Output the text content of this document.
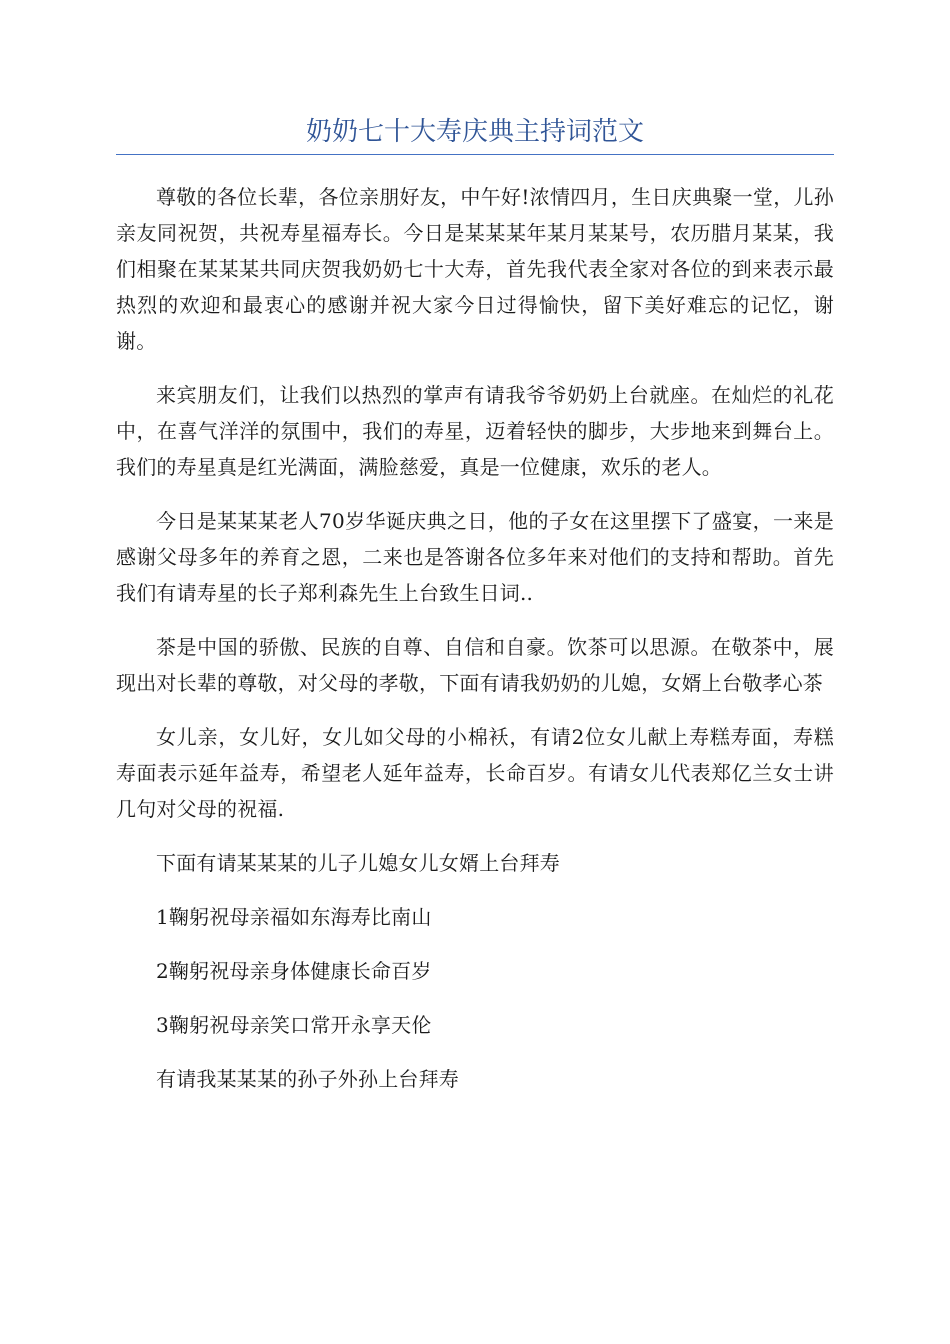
奶奶七十大寿庆典主持词范文

尊敬的各位长辈，各位亲朋好友，中午好!浓情四月，生日庆典聚一堂，儿孙亲友同祝贺，共祝寿星福寿长。今日是某某某年某月某某号，农历腊月某某，我们相聚在某某某共同庆贺我奶奶七十大寿，首先我代表全家对各位的到来表示最热烈的欢迎和最衷心的感谢并祝大家今日过得愉快，留下美好难忘的记忆，谢谢。

来宾朋友们，让我们以热烈的掌声有请我爷爷奶奶上台就座。在灿烂的礼花中，在喜气洋洋的氛围中，我们的寿星，迈着轻快的脚步，大步地来到舞台上。我们的寿星真是红光满面，满脸慈爱，真是一位健康，欢乐的老人。

今日是某某某老人70岁华诞庆典之日，他的子女在这里摆下了盛宴，一来是感谢父母多年的养育之恩，二来也是答谢各位多年来对他们的支持和帮助。首先我们有请寿星的长子郑利森先生上台致生日词..

茶是中国的骄傲、民族的自尊、自信和自豪。饮茶可以思源。在敬茶中，展现出对长辈的尊敬，对父母的孝敬，下面有请我奶奶的儿媳，女婿上台敬孝心茶

女儿亲，女儿好，女儿如父母的小棉袄，有请2位女儿献上寿糕寿面，寿糕寿面表示延年益寿，希望老人延年益寿，长命百岁。有请女儿代表郑亿兰女士讲几句对父母的祝福.

下面有请某某某的儿子儿媳女儿女婿上台拜寿

1鞠躬祝母亲福如东海寿比南山

2鞠躬祝母亲身体健康长命百岁

3鞠躬祝母亲笑口常开永享天伦

有请我某某某的孙子外孙上台拜寿
